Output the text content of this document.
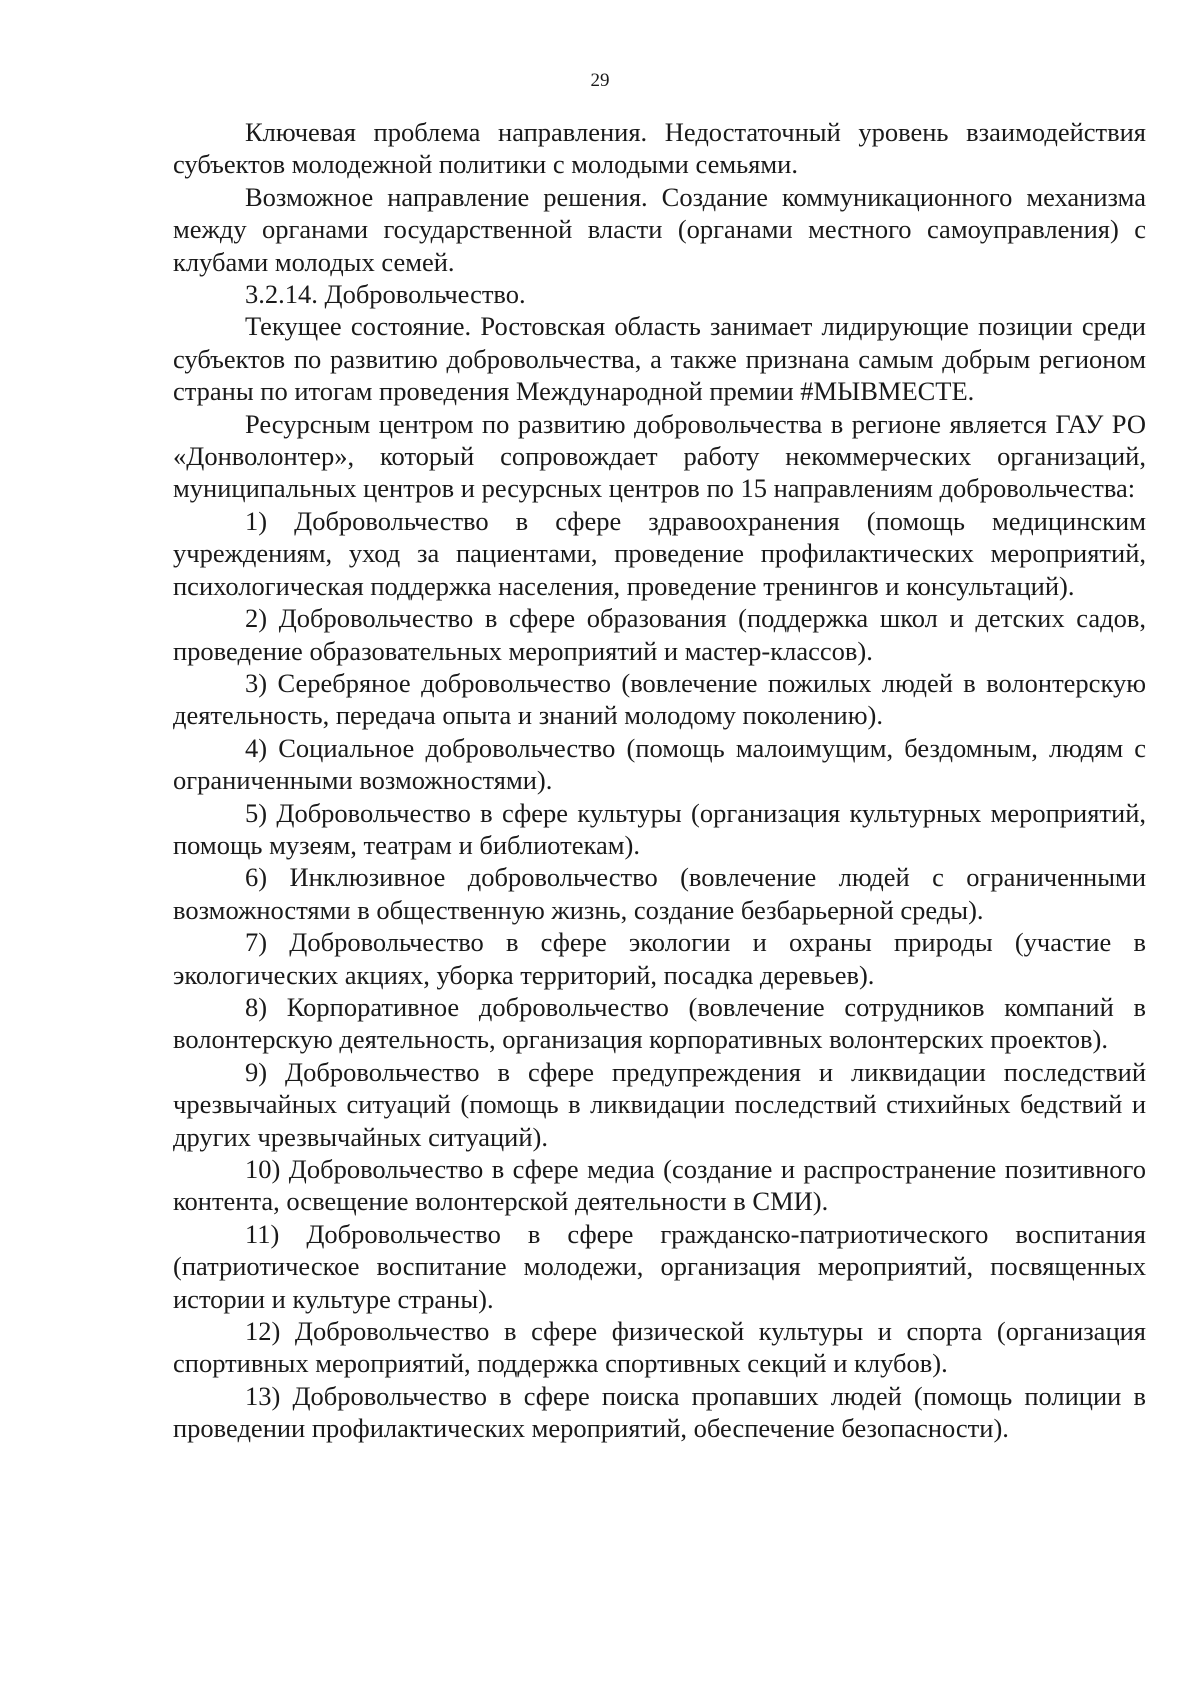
29

Ключевая проблема направления. Недостаточный уровень взаимодействия субъектов молодежной политики с молодыми семьями.

Возможное направление решения. Создание коммуникационного механизма между органами государственной власти (органами местного самоуправления) с клубами молодых семей.

3.2.14. Добровольчество.

Текущее состояние. Ростовская область занимает лидирующие позиции среди субъектов по развитию добровольчества, а также признана самым добрым регионом страны по итогам проведения Международной премии #МЫВМЕСТЕ.

Ресурсным центром по развитию добровольчества в регионе является ГАУ РО «Донволонтер», который сопровождает работу некоммерческих организаций, муниципальных центров и ресурсных центров по 15 направлениям добровольчества:

1) Добровольчество в сфере здравоохранения (помощь медицинским учреждениям, уход за пациентами, проведение профилактических мероприятий, психологическая поддержка населения, проведение тренингов и консультаций).

2) Добровольчество в сфере образования (поддержка школ и детских садов, проведение образовательных мероприятий и мастер-классов).

3) Серебряное добровольчество (вовлечение пожилых людей в волонтерскую деятельность, передача опыта и знаний молодому поколению).

4) Социальное добровольчество (помощь малоимущим, бездомным, людям с ограниченными возможностями).

5) Добровольчество в сфере культуры (организация культурных мероприятий, помощь музеям, театрам и библиотекам).

6) Инклюзивное добровольчество (вовлечение людей с ограниченными возможностями в общественную жизнь, создание безбарьерной среды).

7) Добровольчество в сфере экологии и охраны природы (участие в экологических акциях, уборка территорий, посадка деревьев).

8) Корпоративное добровольчество (вовлечение сотрудников компаний в волонтерскую деятельность, организация корпоративных волонтерских проектов).

9) Добровольчество в сфере предупреждения и ликвидации последствий чрезвычайных ситуаций (помощь в ликвидации последствий стихийных бедствий и других чрезвычайных ситуаций).

10) Добровольчество в сфере медиа (создание и распространение позитивного контента, освещение волонтерской деятельности в СМИ).

11) Добровольчество в сфере гражданско-патриотического воспитания (патриотическое воспитание молодежи, организация мероприятий, посвященных истории и культуре страны).

12) Добровольчество в сфере физической культуры и спорта (организация спортивных мероприятий, поддержка спортивных секций и клубов).

13) Добровольчество в сфере поиска пропавших людей (помощь полиции в проведении профилактических мероприятий, обеспечение безопасности).
